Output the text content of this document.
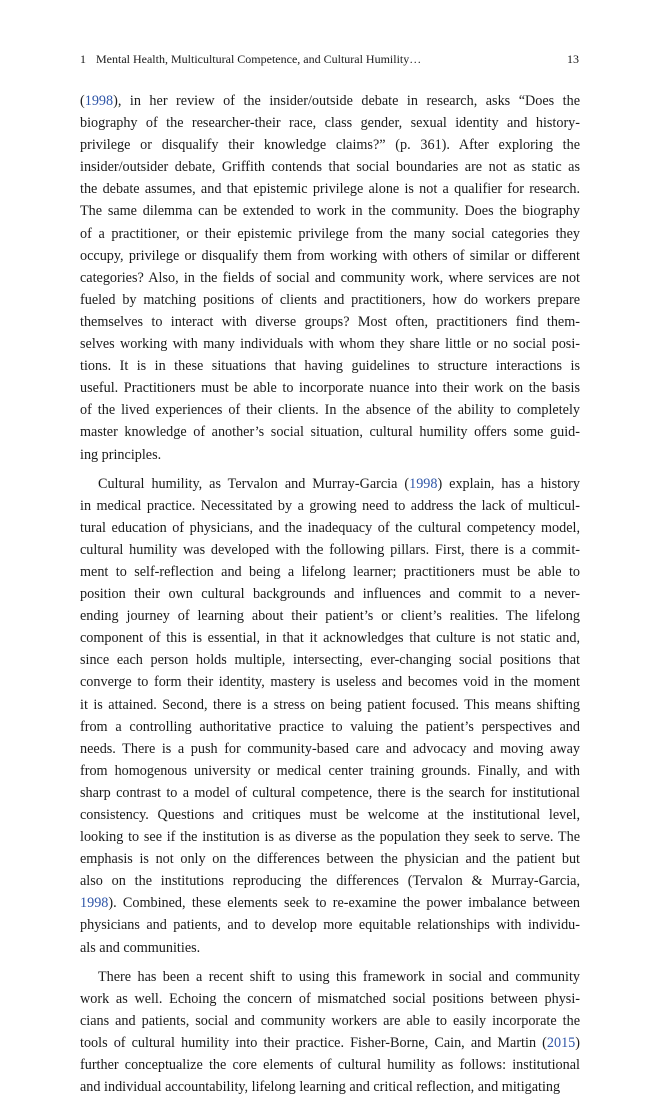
1 Mental Health, Multicultural Competence, and Cultural Humility…	13
(1998), in her review of the insider/outside debate in research, asks “Does the
biography of the researcher-their race, class gender, sexual identity and history-
privilege or disqualify their knowledge claims?” (p. 361). After exploring the
insider/outsider debate, Griffith contends that social boundaries are not as static as
the debate assumes, and that epistemic privilege alone is not a qualifier for research.
The same dilemma can be extended to work in the community. Does the biography
of a practitioner, or their epistemic privilege from the many social categories they
occupy, privilege or disqualify them from working with others of similar or different
categories? Also, in the fields of social and community work, where services are not
fueled by matching positions of clients and practitioners, how do workers prepare
themselves to interact with diverse groups? Most often, practitioners find them-
selves working with many individuals with whom they share little or no social posi-
tions. It is in these situations that having guidelines to structure interactions is
useful. Practitioners must be able to incorporate nuance into their work on the basis
of the lived experiences of their clients. In the absence of the ability to completely
master knowledge of another’s social situation, cultural humility offers some guid-
ing principles.
Cultural humility, as Tervalon and Murray-Garcia (1998) explain, has a history
in medical practice. Necessitated by a growing need to address the lack of multicul-
tural education of physicians, and the inadequacy of the cultural competency model,
cultural humility was developed with the following pillars. First, there is a commit-
ment to self-reflection and being a lifelong learner; practitioners must be able to
position their own cultural backgrounds and influences and commit to a never-
ending journey of learning about their patient’s or client’s realities. The lifelong
component of this is essential, in that it acknowledges that culture is not static and,
since each person holds multiple, intersecting, ever-changing social positions that
converge to form their identity, mastery is useless and becomes void in the moment
it is attained. Second, there is a stress on being patient focused. This means shifting
from a controlling authoritative practice to valuing the patient’s perspectives and
needs. There is a push for community-based care and advocacy and moving away
from homogenous university or medical center training grounds. Finally, and with
sharp contrast to a model of cultural competence, there is the search for institutional
consistency. Questions and critiques must be welcome at the institutional level,
looking to see if the institution is as diverse as the population they seek to serve. The
emphasis is not only on the differences between the physician and the patient but
also on the institutions reproducing the differences (Tervalon & Murray-Garcia,
1998). Combined, these elements seek to re-examine the power imbalance between
physicians and patients, and to develop more equitable relationships with individu-
als and communities.
There has been a recent shift to using this framework in social and community
work as well. Echoing the concern of mismatched social positions between physi-
cians and patients, social and community workers are able to easily incorporate the
tools of cultural humility into their practice. Fisher-Borne, Cain, and Martin (2015)
further conceptualize the core elements of cultural humility as follows: institutional
and individual accountability, lifelong learning and critical reflection, and mitigating
